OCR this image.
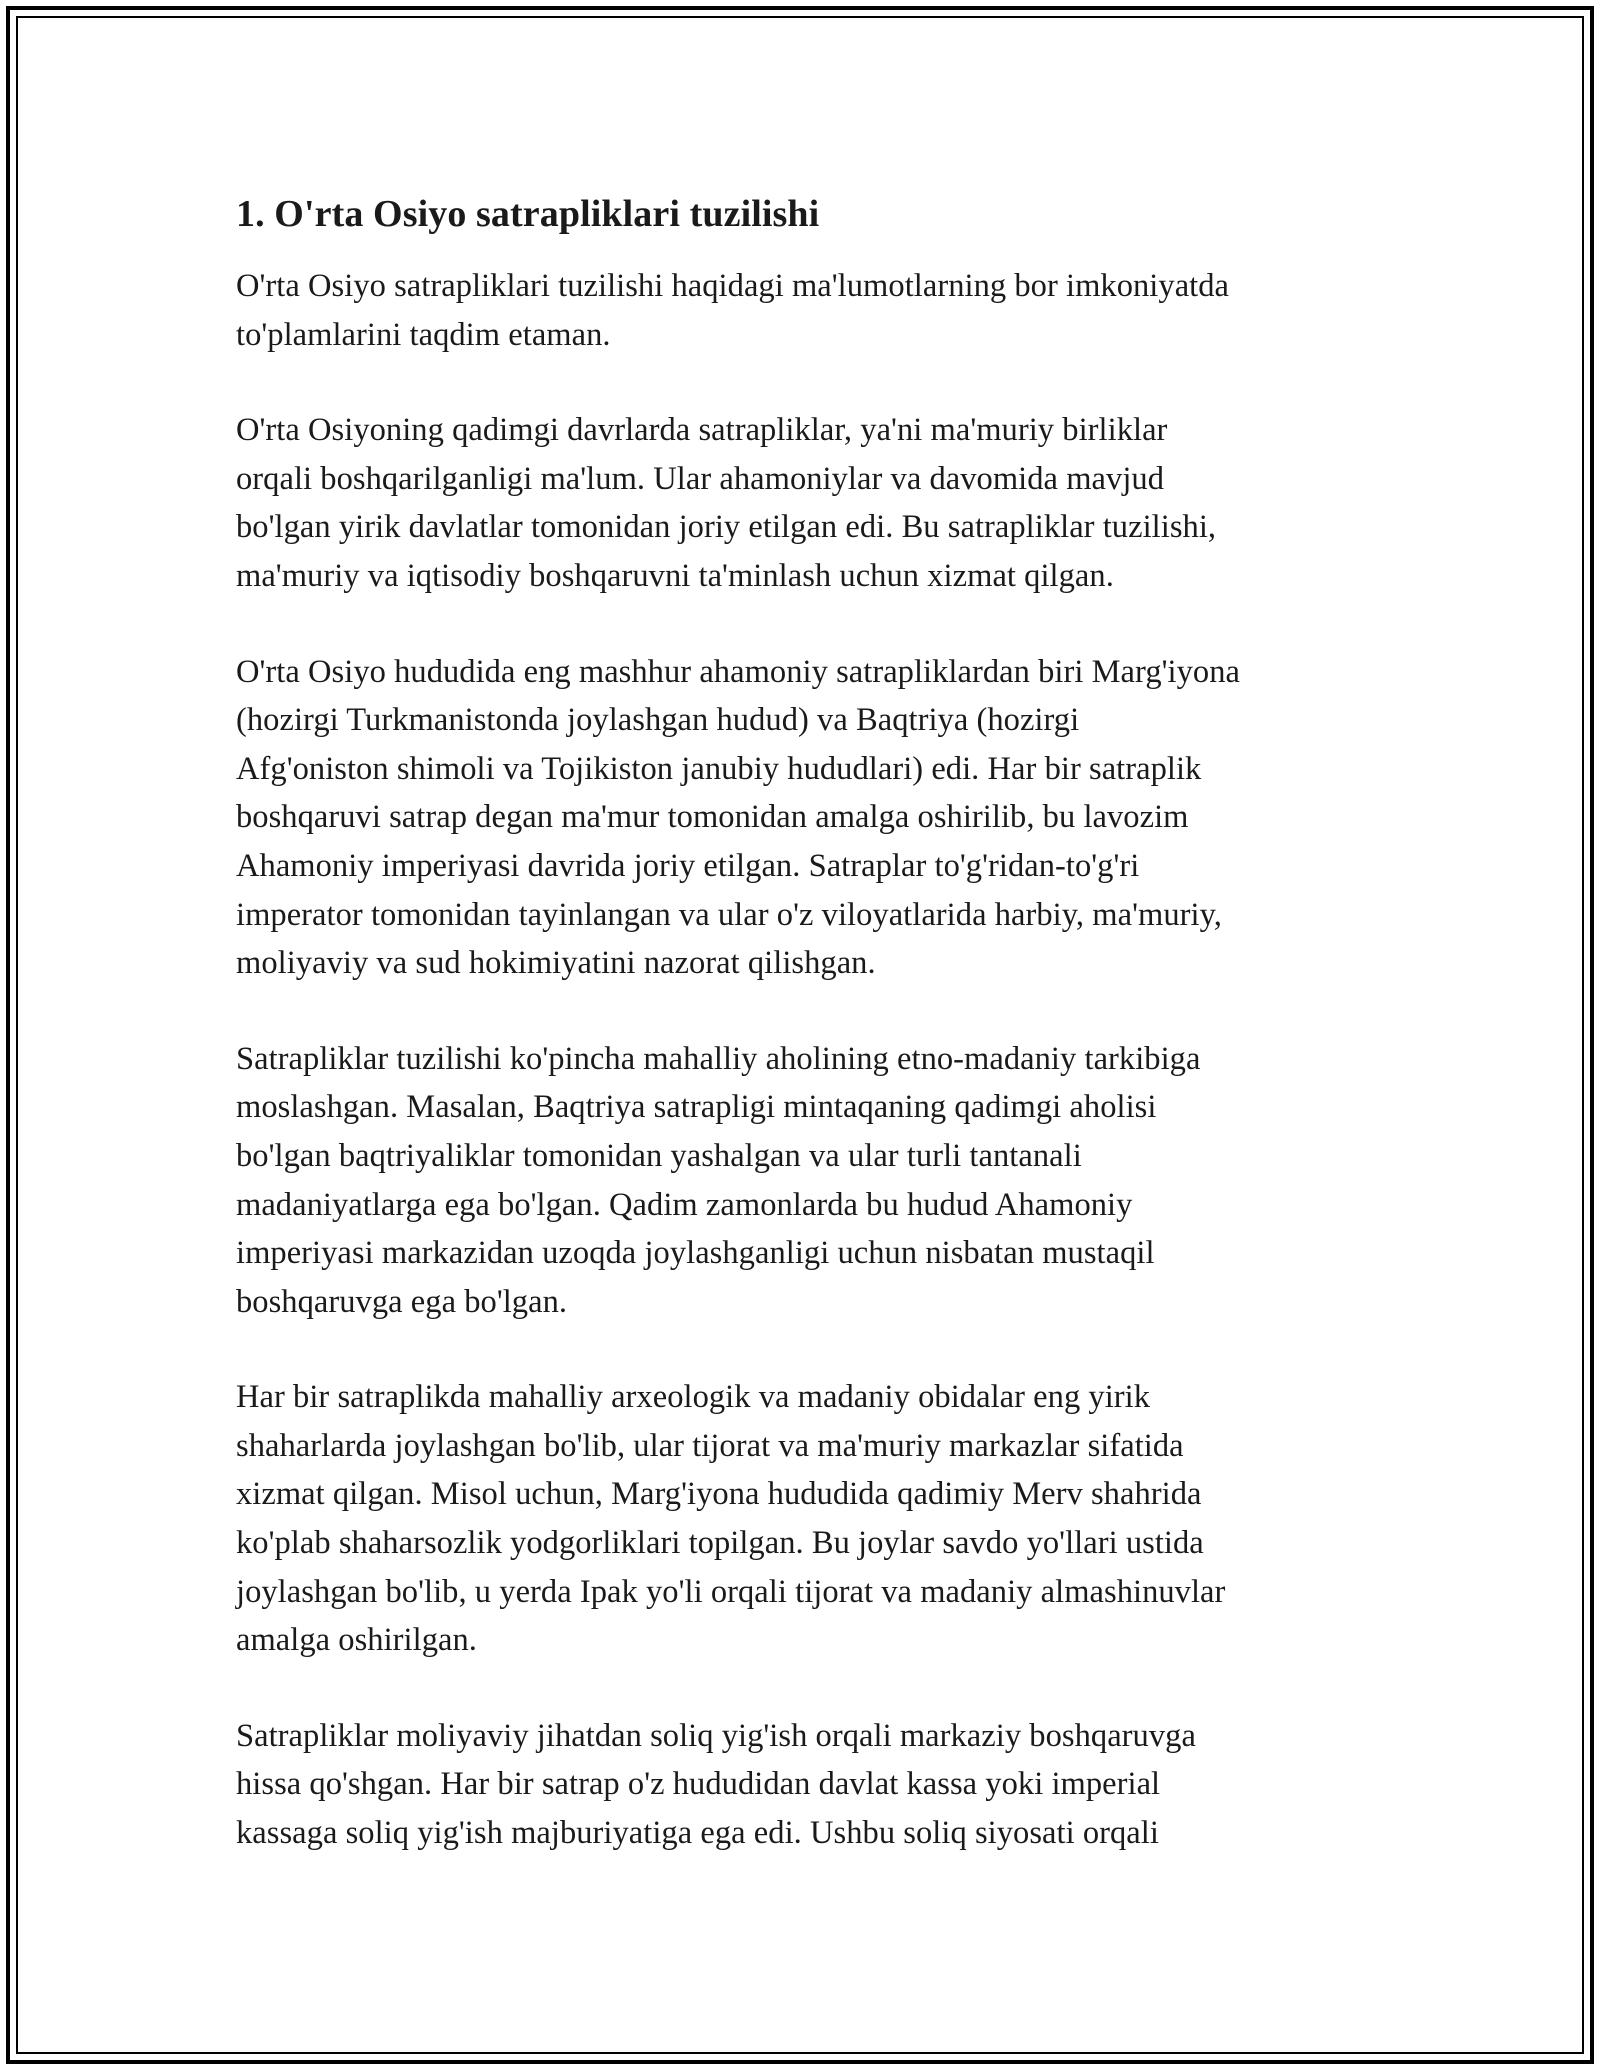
1. O'rta Osiyo satrapliklari tuzilishi

O'rta Osiyo satrapliklari tuzilishi haqidagi ma'lumotlarning bor imkoniyatda
to'plamlarini taqdim etaman.

O'rta Osiyoning qadimgi davrlarda satrapliklar, ya'ni ma'muriy birliklar
orqali boshqarilganligi ma'lum. Ular ahamoniylar va davomida mavjud
bo'lgan yirik davlatlar tomonidan joriy etilgan edi. Bu satrapliklar tuzilishi,
ma'muriy va iqtisodiy boshqaruvni ta'minlash uchun xizmat qilgan.

O'rta Osiyo hududida eng mashhur ahamoniy satrapliklardan biri Marg'iyona
(hozirgi Turkmanistonda joylashgan hudud) va Baqtriya (hozirgi
Afg'oniston shimoli va Tojikiston janubiy hududlari) edi. Har bir satraplik
boshqaruvi satrap degan ma'mur tomonidan amalga oshirilib, bu lavozim
Ahamoniy imperiyasi davrida joriy etilgan. Satraplar to'g'ridan-to'g'ri
imperator tomonidan tayinlangan va ular o'z viloyatlarida harbiy, ma'muriy,
moliyaviy va sud hokimiyatini nazorat qilishgan.

Satrapliklar tuzilishi ko'pincha mahalliy aholining etno-madaniy tarkibiga
moslashgan. Masalan, Baqtriya satrapligi mintaqaning qadimgi aholisi
bo'lgan baqtriyaliklar tomonidan yashalgan va ular turli tantanali
madaniyatlarga ega bo'lgan. Qadim zamonlarda bu hudud Ahamoniy
imperiyasi markazidan uzoqda joylashganligi uchun nisbatan mustaqil
boshqaruvga ega bo'lgan.

Har bir satraplikda mahalliy arxeologik va madaniy obidalar eng yirik
shaharlarda joylashgan bo'lib, ular tijorat va ma'muriy markazlar sifatida
xizmat qilgan. Misol uchun, Marg'iyona hududida qadimiy Merv shahrida
ko'plab shaharsozlik yodgorliklari topilgan. Bu joylar savdo yo'llari ustida
joylashgan bo'lib, u yerda Ipak yo'li orqali tijorat va madaniy almashinuvlar
amalga oshirilgan.

Satrapliklar moliyaviy jihatdan soliq yig'ish orqali markaziy boshqaruvga
hissa qo'shgan. Har bir satrap o'z hududidan davlat kassa yoki imperial
kassaga soliq yig'ish majburiyatiga ega edi. Ushbu soliq siyosati orqali
